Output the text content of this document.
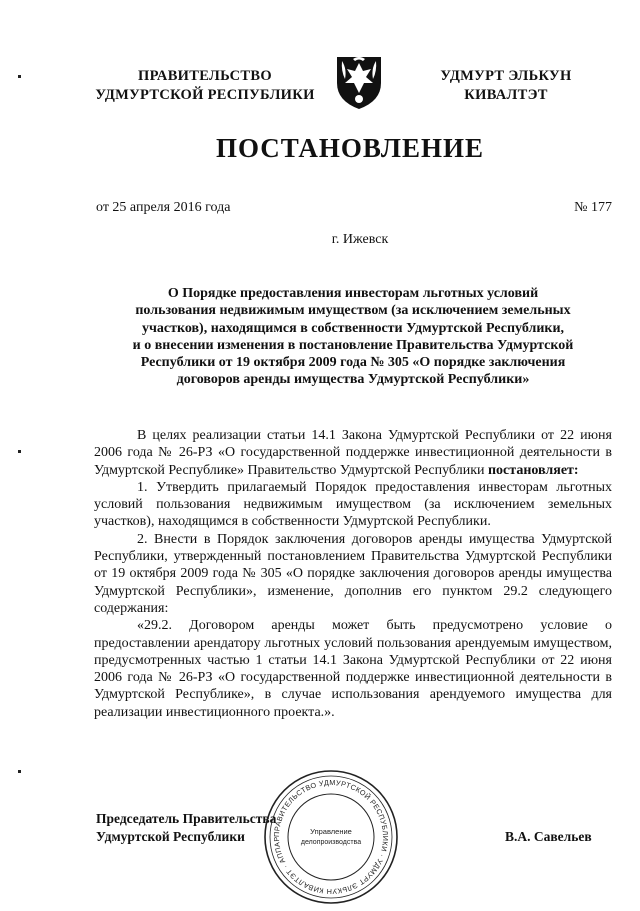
ПРАВИТЕЛЬСТВО
УДМУРТСКОЙ РЕСПУБЛИКИ
УДМУРТ ЭЛЬКУН
КИВАЛТЭТ
ПОСТАНОВЛЕНИЕ
от 25 апреля 2016 года	№ 177
г. Ижевск
О Порядке предоставления инвесторам льготных условий
пользования недвижимым имуществом (за исключением земельных
участков), находящимся в собственности Удмуртской Республики,
и о внесении изменения в постановление Правительства Удмуртской
Республики от 19 октября 2009 года № 305 «О порядке заключения
договоров аренды имущества Удмуртской Республики»

В целях реализации статьи 14.1 Закона Удмуртской Республики от 22 июня 2006 года № 26-РЗ «О государственной поддержке инвестиционной деятельности в Удмуртской Республике» Правительство Удмуртской Республики постановляет:

1. Утвердить прилагаемый Порядок предоставления инвесторам льготных условий пользования недвижимым имуществом (за исключением земельных участков), находящимся в собственности Удмуртской Республики.

2. Внести в Порядок заключения договоров аренды имущества Удмуртской Республики, утвержденный постановлением Правительства Удмуртской Республики от 19 октября 2009 года № 305 «О порядке заключения договоров аренды имущества Удмуртской Республики», изменение, дополнив его пунктом 29.2 следующего содержания:

«29.2. Договором аренды может быть предусмотрено условие о предоставлении арендатору льготных условий пользования арендуемым имуществом, предусмотренных частью 1 статьи 14.1 Закона Удмуртской Республики от 22 июня 2006 года № 26-РЗ «О государственной поддержке инвестиционной деятельности в Удмуртской Республике», в случае использования арендуемого имущества для реализации инвестиционного проекта.».

Председатель Правительства
Удмуртской Республики	В.А. Савельев
ПРАВИТЕЛЬСТВО УДМУРТСКОЙ РЕСПУБЛИКИ · УДМУРТ ЭЛЬКУН КИВАЛТЭТ · АППАР
Управление
делопроизводства
